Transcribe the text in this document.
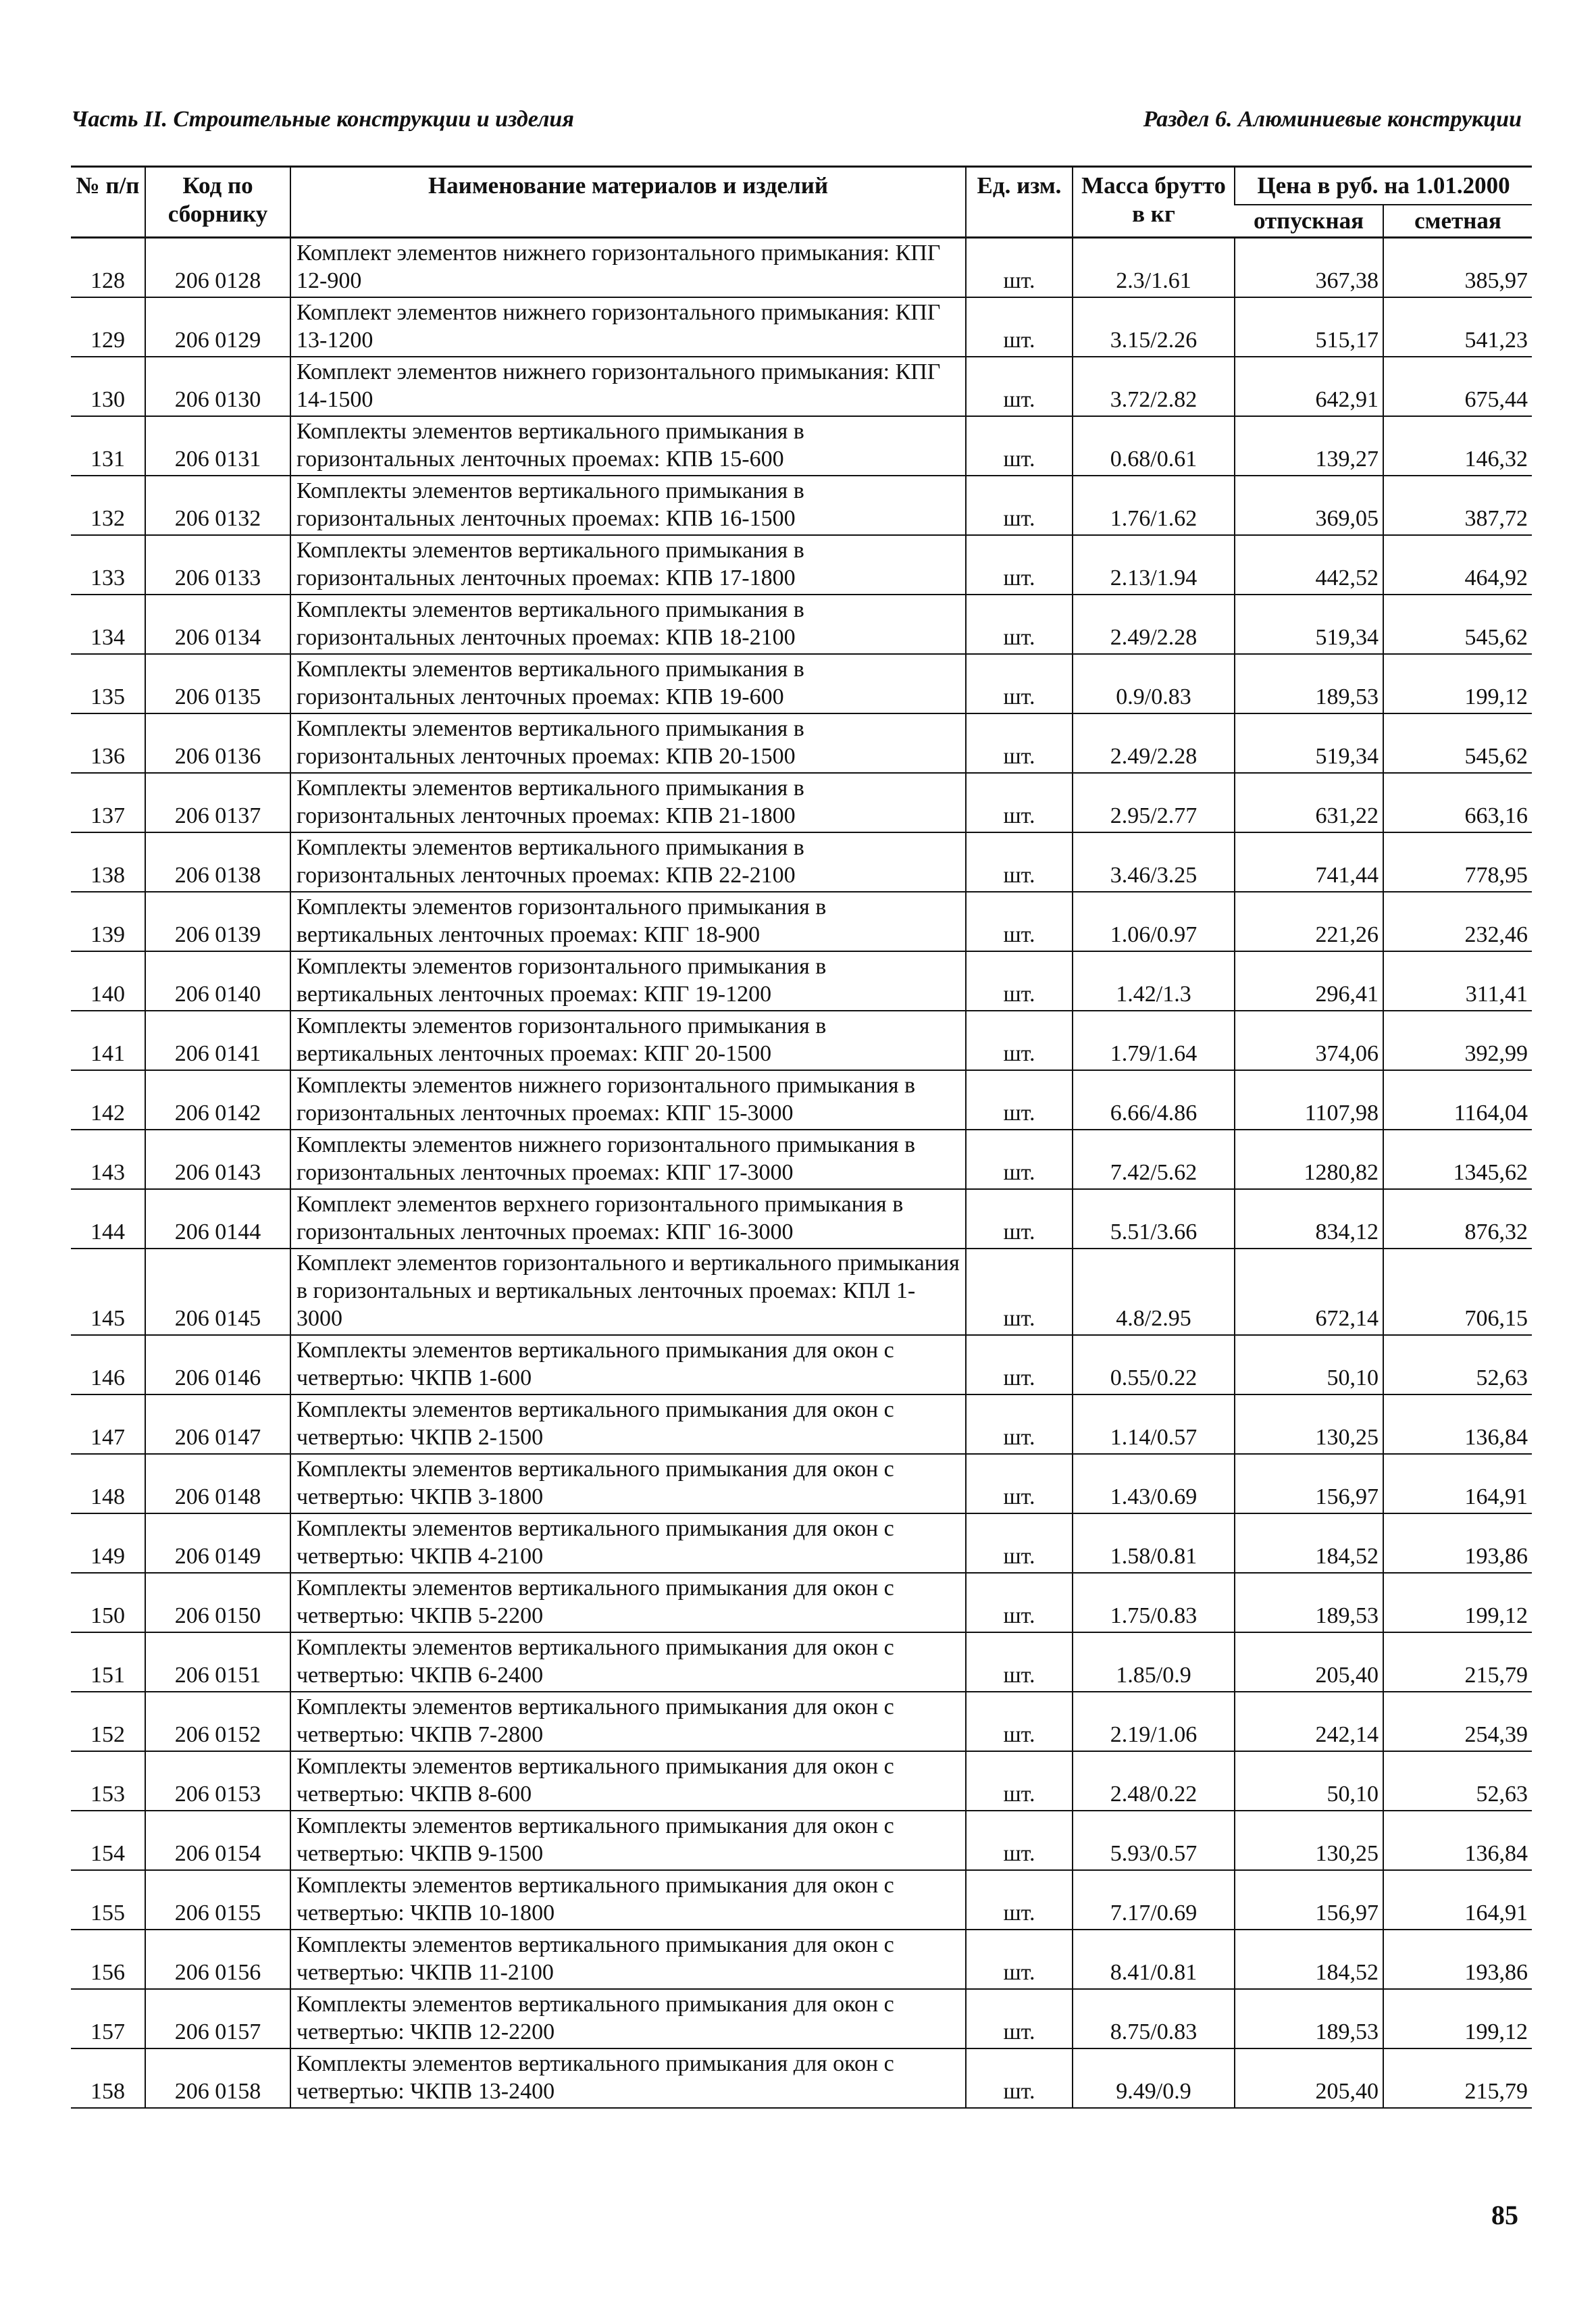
Часть II. Строительные конструкции и изделия	Раздел 6. Алюминиевые конструкции
№ п/п	Код по сборнику	Наименование материалов и изделий	Ед. изм.	Масса брутто в кг	Цена в руб. на 1.01.2000	
					отпускная	сметная
128	206 0128	Комплект элементов нижнего горизонтального примыкания: КПГ 12-900	шт.	2.3/1.61	367,38	385,97
129	206 0129	Комплект элементов нижнего горизонтального примыкания: КПГ 13-1200	шт.	3.15/2.26	515,17	541,23
130	206 0130	Комплект элементов нижнего горизонтального примыкания: КПГ 14-1500	шт.	3.72/2.82	642,91	675,44
131	206 0131	Комплекты элементов вертикального примыкания в горизонтальных ленточных проемах: КПВ 15-600	шт.	0.68/0.61	139,27	146,32
132	206 0132	Комплекты элементов вертикального примыкания в горизонтальных ленточных проемах: КПВ 16-1500	шт.	1.76/1.62	369,05	387,72
133	206 0133	Комплекты элементов вертикального примыкания в горизонтальных ленточных проемах: КПВ 17-1800	шт.	2.13/1.94	442,52	464,92
134	206 0134	Комплекты элементов вертикального примыкания в горизонтальных ленточных проемах: КПВ 18-2100	шт.	2.49/2.28	519,34	545,62
135	206 0135	Комплекты элементов вертикального примыкания в горизонтальных ленточных проемах: КПВ 19-600	шт.	0.9/0.83	189,53	199,12
136	206 0136	Комплекты элементов вертикального примыкания в горизонтальных ленточных проемах: КПВ 20-1500	шт.	2.49/2.28	519,34	545,62
137	206 0137	Комплекты элементов вертикального примыкания в горизонтальных ленточных проемах: КПВ 21-1800	шт.	2.95/2.77	631,22	663,16
138	206 0138	Комплекты элементов вертикального примыкания в горизонтальных ленточных проемах: КПВ 22-2100	шт.	3.46/3.25	741,44	778,95
139	206 0139	Комплекты элементов горизонтального примыкания в вертикальных ленточных проемах: КПГ 18-900	шт.	1.06/0.97	221,26	232,46
140	206 0140	Комплекты элементов горизонтального примыкания в вертикальных ленточных проемах: КПГ 19-1200	шт.	1.42/1.3	296,41	311,41
141	206 0141	Комплекты элементов горизонтального примыкания в вертикальных ленточных проемах: КПГ 20-1500	шт.	1.79/1.64	374,06	392,99
142	206 0142	Комплекты элементов нижнего горизонтального примыкания в горизонтальных ленточных проемах: КПГ 15-3000	шт.	6.66/4.86	1107,98	1164,04
143	206 0143	Комплекты элементов нижнего горизонтального примыкания в горизонтальных ленточных проемах: КПГ 17-3000	шт.	7.42/5.62	1280,82	1345,62
144	206 0144	Комплект элементов верхнего горизонтального примыкания в горизонтальных ленточных проемах: КПГ 16-3000	шт.	5.51/3.66	834,12	876,32
145	206 0145	Комплект элементов горизонтального и вертикального примыкания в горизонтальных и вертикальных ленточных проемах: КПЛ 1-3000	шт.	4.8/2.95	672,14	706,15
146	206 0146	Комплекты элементов вертикального примыкания для окон с четвертью: ЧКПВ 1-600	шт.	0.55/0.22	50,10	52,63
147	206 0147	Комплекты элементов вертикального примыкания для окон с четвертью: ЧКПВ 2-1500	шт.	1.14/0.57	130,25	136,84
148	206 0148	Комплекты элементов вертикального примыкания для окон с четвертью: ЧКПВ 3-1800	шт.	1.43/0.69	156,97	164,91
149	206 0149	Комплекты элементов вертикального примыкания для окон с четвертью: ЧКПВ 4-2100	шт.	1.58/0.81	184,52	193,86
150	206 0150	Комплекты элементов вертикального примыкания для окон с четвертью: ЧКПВ 5-2200	шт.	1.75/0.83	189,53	199,12
151	206 0151	Комплекты элементов вертикального примыкания для окон с четвертью: ЧКПВ 6-2400	шт.	1.85/0.9	205,40	215,79
152	206 0152	Комплекты элементов вертикального примыкания для окон с четвертью: ЧКПВ 7-2800	шт.	2.19/1.06	242,14	254,39
153	206 0153	Комплекты элементов вертикального примыкания для окон с четвертью: ЧКПВ 8-600	шт.	2.48/0.22	50,10	52,63
154	206 0154	Комплекты элементов вертикального примыкания для окон с четвертью: ЧКПВ 9-1500	шт.	5.93/0.57	130,25	136,84
155	206 0155	Комплекты элементов вертикального примыкания для окон с четвертью: ЧКПВ 10-1800	шт.	7.17/0.69	156,97	164,91
156	206 0156	Комплекты элементов вертикального примыкания для окон с четвертью: ЧКПВ 11-2100	шт.	8.41/0.81	184,52	193,86
157	206 0157	Комплекты элементов вертикального примыкания для окон с четвертью: ЧКПВ 12-2200	шт.	8.75/0.83	189,53	199,12
158	206 0158	Комплекты элементов вертикального примыкания для окон с четвертью: ЧКПВ 13-2400	шт.	9.49/0.9	205,40	215,79
85
